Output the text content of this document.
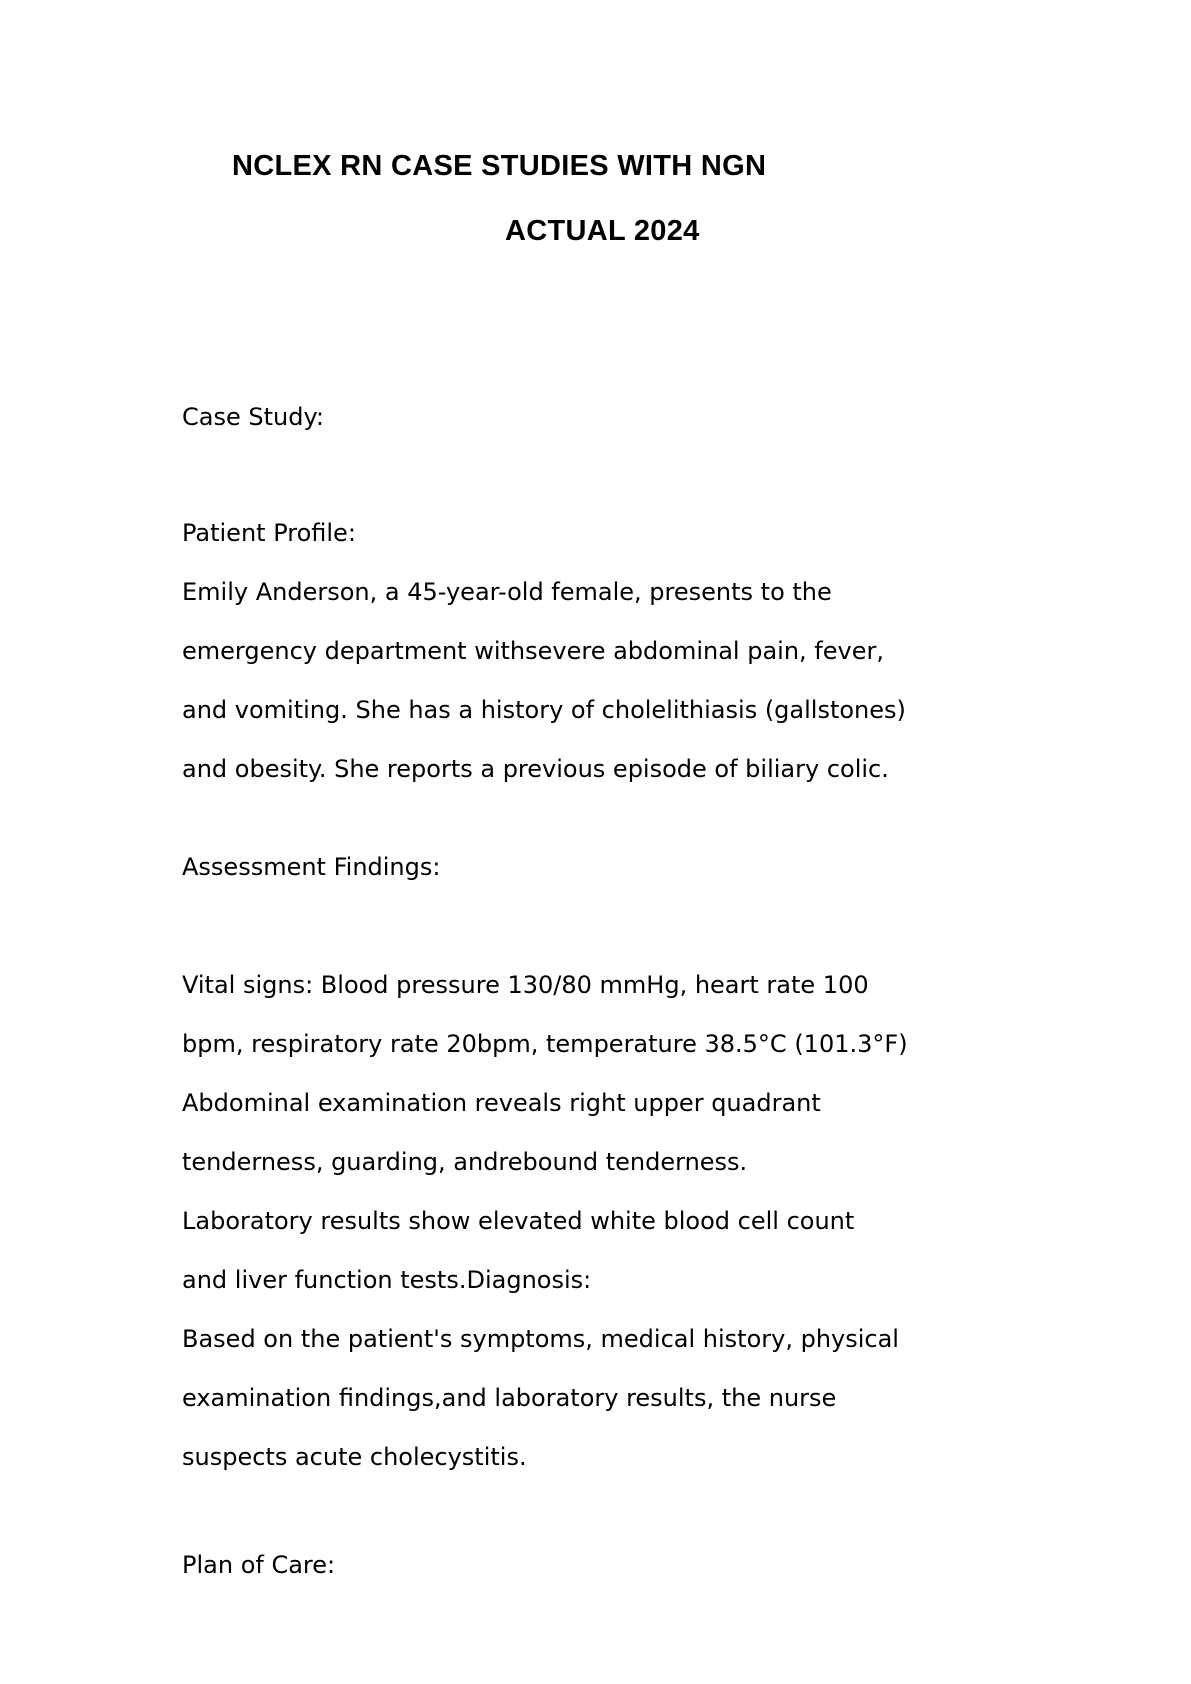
NCLEX RN CASE STUDIES WITH NGN
ACTUAL 2024

Case Study:

Patient Profile:

Emily Anderson, a 45-year-old female, presents to the
emergency department withsevere abdominal pain, fever,
and vomiting. She has a history of cholelithiasis (gallstones)
and obesity. She reports a previous episode of biliary colic.

Assessment Findings:

Vital signs: Blood pressure 130/80 mmHg, heart rate 100
bpm, respiratory rate 20bpm, temperature 38.5°C (101.3°F)
Abdominal examination reveals right upper quadrant
tenderness, guarding, andrebound tenderness.
Laboratory results show elevated white blood cell count
and liver function tests.Diagnosis:
Based on the patient's symptoms, medical history, physical
examination findings,and laboratory results, the nurse
suspects acute cholecystitis.

Plan of Care:
